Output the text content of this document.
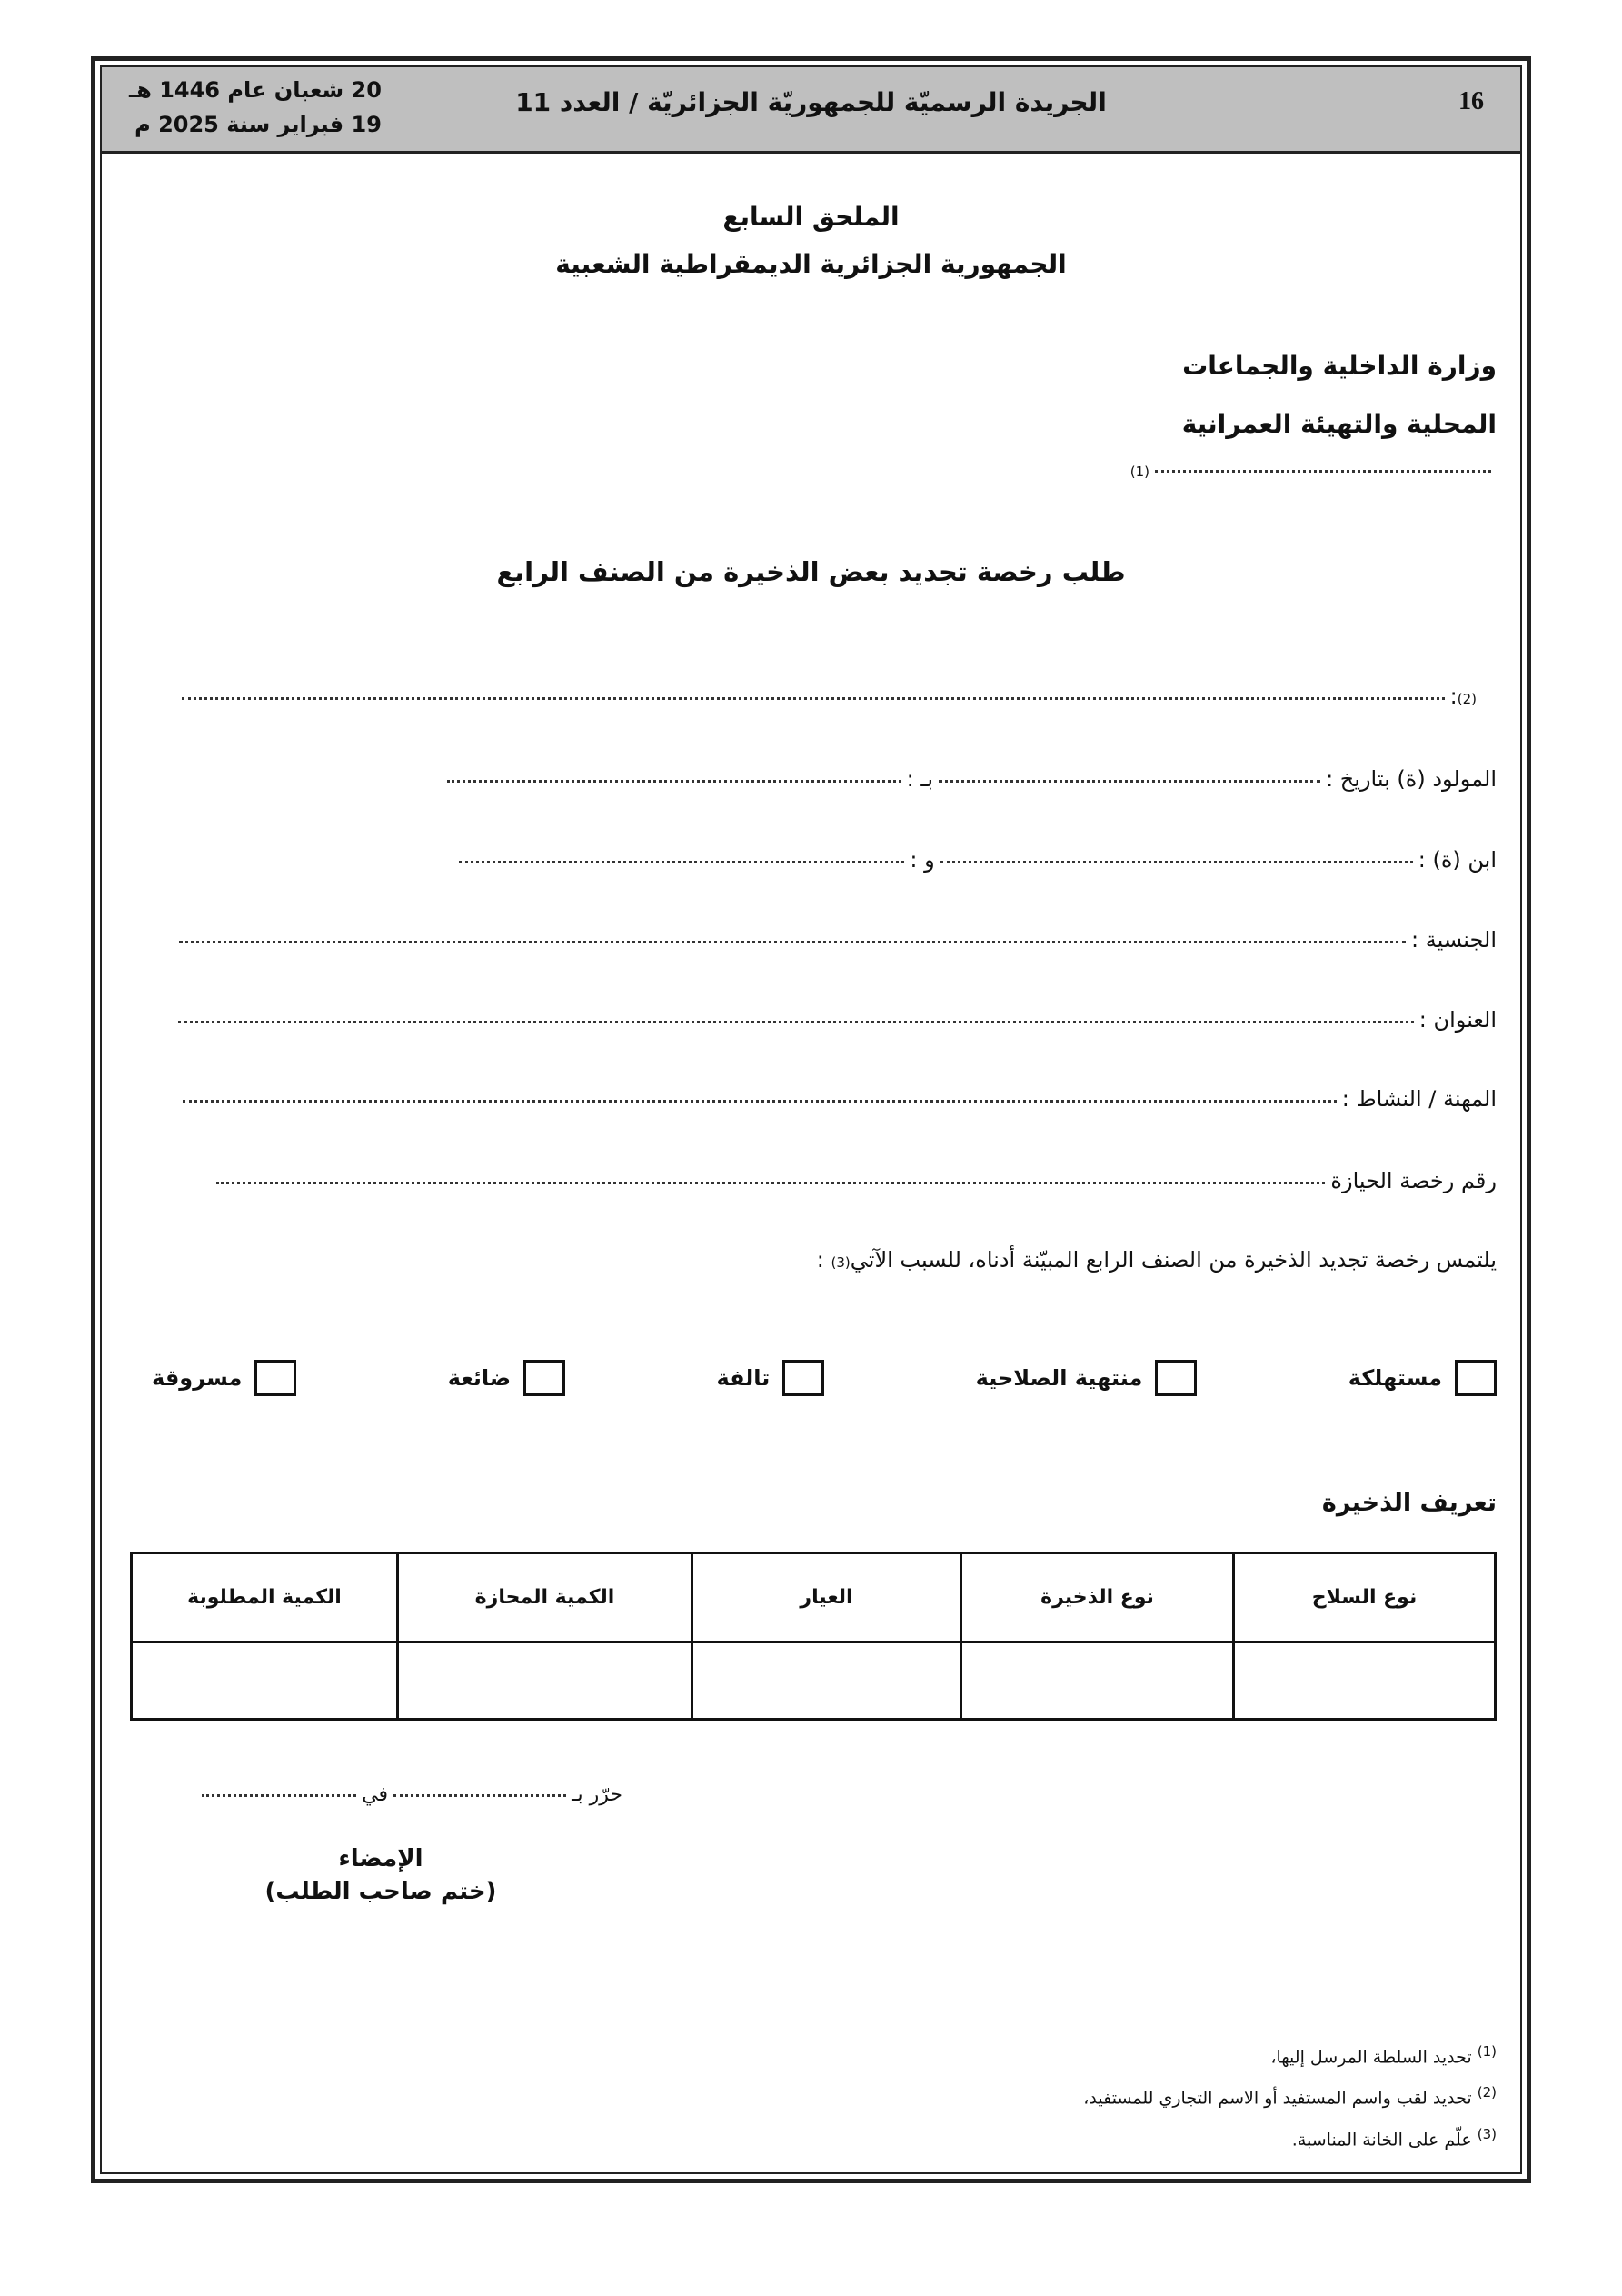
16
الجريدة الرسميّة للجمهوريّة الجزائريّة / العدد 11
20 شعبان عام 1446 هـ
19 فبراير سنة 2025 م
الملحق السابع
الجمهورية الجزائرية الديمقراطية الشعبية
وزارة الداخلية والجماعات
المحلية والتهيئة العمرانية
(1)
طلب رخصة تجديد بعض الذخيرة من الصنف الرابع
(2)
:
المولود (ة) بتاريخ :
بـ :
ابن (ة) :
و :
الجنسية :
العنوان :
المهنة / النشاط :
رقم رخصة الحيازة
يلتمس رخصة تجديد الذخيرة من الصنف الرابع المبيّنة أدناه، للسبب الآتي
(3)

:
مستهلكة
منتهية الصلاحية
تالفة
ضائعة
مسروقة
تعريف الذخيرة
نوع السلاح	نوع الذخيرة	العيار	الكمية المحازة	الكمية المطلوبة

حرّر بـ
في
الإمضاء
(ختم صاحب الطلب)
$^{(1)}$ تحديد السلطة المرسل إليها،
$^{(2)}$ تحديد لقب واسم المستفيد أو الاسم التجاري للمستفيد،
$^{(3)}$ علّم على الخانة المناسبة.
